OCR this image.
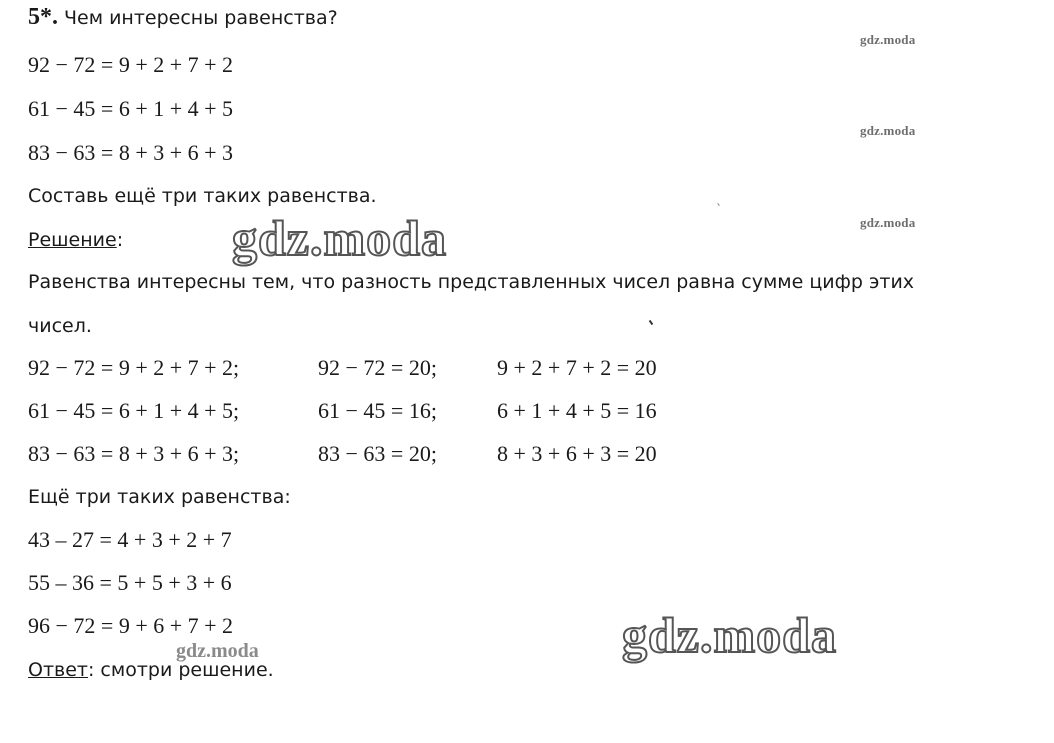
5*. Чем интересны равенства?
92 − 72 = 9 + 2 + 7 + 2
61 − 45 = 6 + 1 + 4 + 5
83 − 63 = 8 + 3 + 6 + 3
Составь ещё три таких равенства.
Решение:
Равенства интересны тем, что разность представленных чисел равна сумме цифр этих
чисел.
92 − 72 = 9 + 2 + 7 + 2;	92 − 72 = 20;	9 + 2 + 7 + 2 = 20
61 − 45 = 6 + 1 + 4 + 5;	61 − 45 = 16;	6 + 1 + 4 + 5 = 16
83 − 63 = 8 + 3 + 6 + 3;	83 − 63 = 20;	8 + 3 + 6 + 3 = 20
Ещё три таких равенства:
43 – 27 = 4 + 3 + 2 + 7
55 – 36 = 5 + 5 + 3 + 6
96 − 72 = 9 + 6 + 7 + 2
Ответ: смотри решение.
gdz.moda
gdz.moda
gdz.moda
gdz.moda
gdz.moda
gdz.moda
